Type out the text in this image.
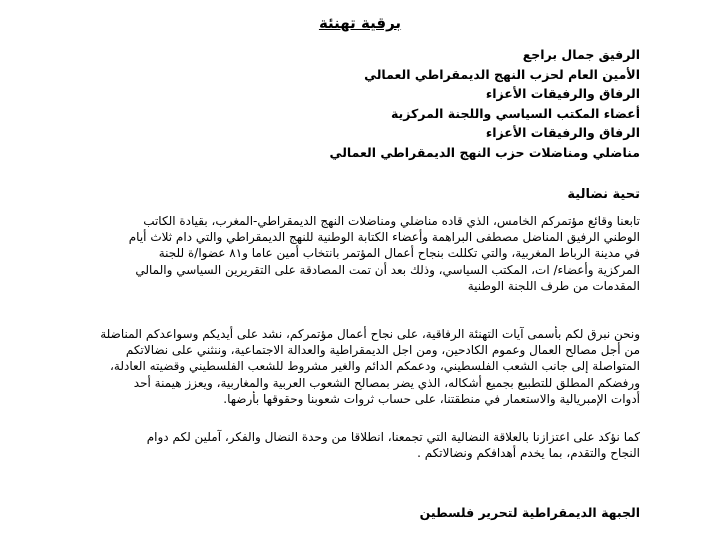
برقية تهنئة
الرفيق جمال براجع
الأمين العام لحزب النهج الديمقراطي العمالي
الرفاق والرفيقات الأعزاء
أعضاء المكتب السياسي واللجنة المركزية
الرفاق والرفيقات الأعزاء
مناضلي ومناضلات حزب النهج الديمقراطي العمالي
تحية نضالية
تابعنا وقائع مؤتمركم الخامس، الذي قاده مناضلي ومناضلات النهج الديمقراطي-المغرب، بقيادة الكاتب
الوطني الرفيق المناضل مصطفى البراهمة وأعضاء الكتابة الوطنية للنهج الديمقراطي والتي دام ثلاث أيام
في مدينة الرباط المغربية، والتي تكللت بنجاح أعمال المؤتمر بانتخاب أمين عاما و٨١ عضوا/ة للجنة
المركزية وأعضاء/ ات، المكتب السياسي، وذلك بعد أن تمت المصادقة على التقريرين السياسي والمالي
المقدمات من طرف اللجنة الوطنية
ونحن نبرق لكم بأسمى آيات التهنئة الرفاقية، على نجاح أعمال مؤتمركم، نشد على أيديكم وسواعدكم المناضلة
من أجل مصالح العمال وعموم الكادحين، ومن اجل الديمقراطية والعدالة الاجتماعية، وننثني على نضالاتكم
المتواصلة إلى جانب الشعب الفلسطيني، ودعمكم الدائم والغير مشروط للشعب الفلسطيني وقضيته العادلة،
ورفضكم المطلق للتطبيع بجميع أشكاله، الذي يضر بمصالح الشعوب العربية والمغاربية، ويعزز هيمنة أحد
أدوات الإمبريالية والاستعمار في منطقتنا، على حساب ثروات شعوبنا وحقوقها بأرضها.
كما نؤكد على اعتزازنا بالعلاقة النضالية التي تجمعنا، انطلاقا من وحدة النضال والفكر، آملين لكم دوام
النجاح والتقدم، بما يخدم أهدافكم ونضالاتكم .
الجبهة الديمقراطية لتحرير فلسطين
